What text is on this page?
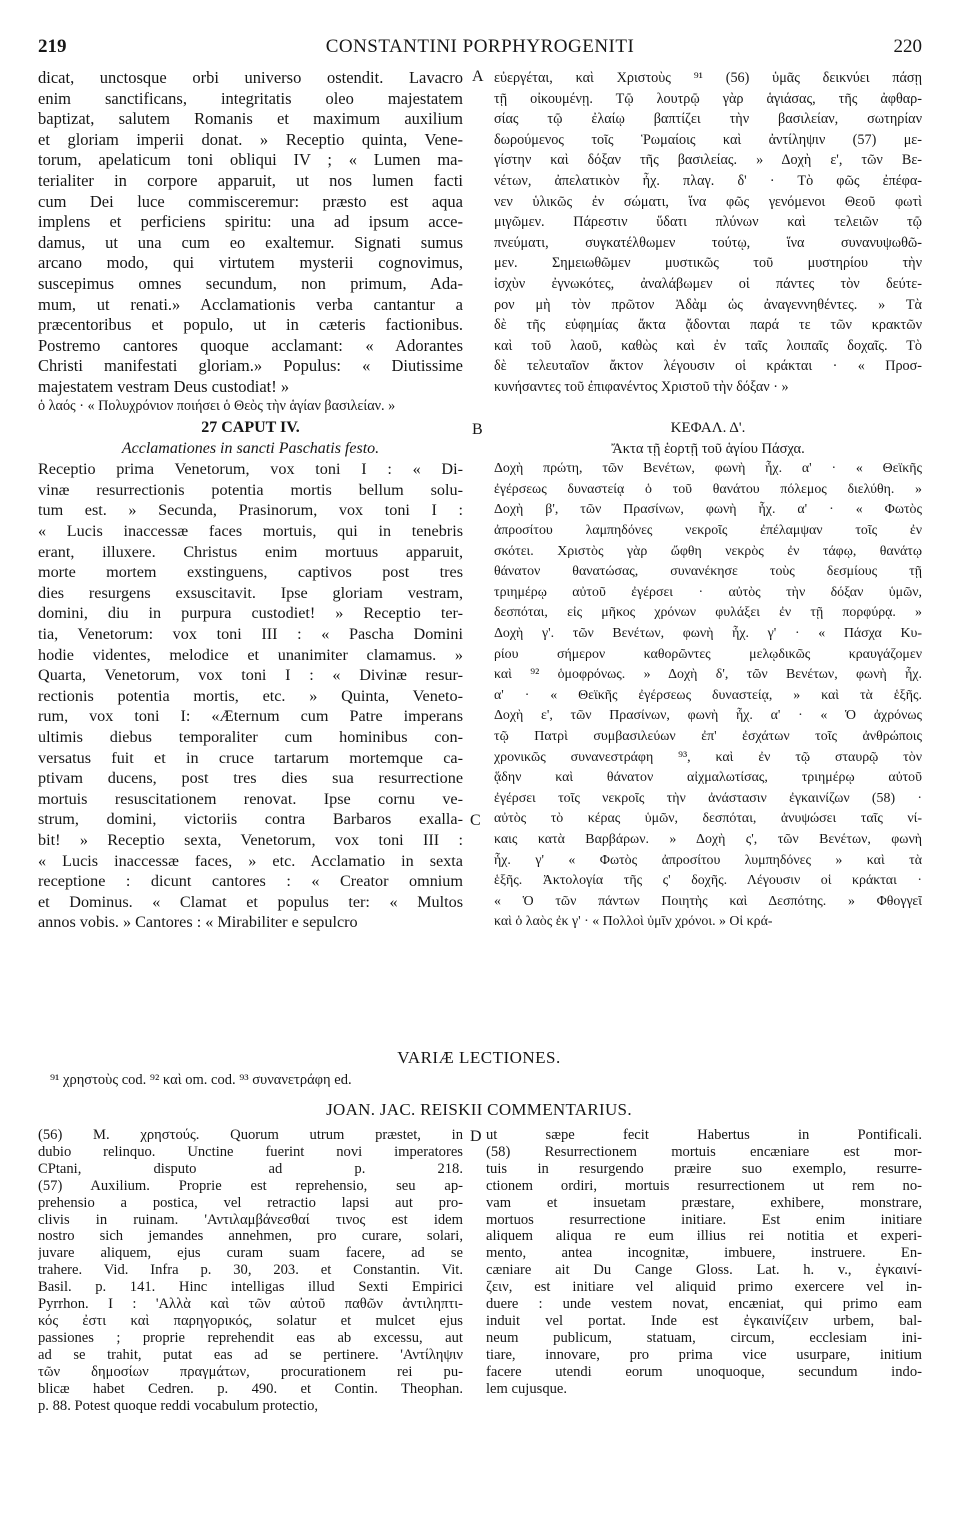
219	CONSTANTINI PORPHYROGENITI	220
dicat, unctosque orbi universo ostendit. Lavacro
enim sanctificans, integritatis oleo majestatem
baptizat, salutem Romanis et maximum auxilium
et gloriam imperii donat. » Receptio quinta, Vene-
torum, apelaticum toni obliqui IV ; « Lumen ma-
terialiter in corpore apparuit, ut nos lumen facti
cum Dei luce commisceremur: præsto est aqua
implens et perficiens spiritu: una ad ipsum acce-
damus, ut una cum eo exaltemur. Signati sumus
arcano modo, qui virtutem mysterii cognovimus,
suscepimus omnes secundum, non primum, Ada-
mum, ut renati.» Acclamationis verba cantantur a
præcentoribus et populo, ut in cæteris factionibus.
Postremo cantores quoque acclamant: « Adorantes
Christi manifestati gloriam.» Populus: « Diutissime
majestatem vestram Deus custodiat! »
27 CAPUT IV.
Acclamationes in sancti Paschatis festo.
Receptio prima Venetorum, vox toni I : « Di-
vinæ resurrectionis potentia mortis bellum solu-
tum est. » Secunda, Prasinorum, vox toni I :
« Lucis inaccessæ faces mortuis, qui in tenebris
erant, illuxere. Christus enim mortuus apparuit,
morte mortem exstinguens, captivos post tres
dies resurgens exsuscitavit. Ipse gloriam vestram,
domini, diu in purpura custodiet! » Receptio ter-
tia, Venetorum: vox toni III : « Pascha Domini
hodie videntes, melodice et unanimiter clamamus. »
Quarta, Venetorum, vox toni I : « Divinæ resur-
rectionis potentia mortis, etc. » Quinta, Veneto-
rum, vox toni I: «Æternum cum Patre imperans
ultimis diebus temporaliter cum hominibus con-
versatus fuit et in cruce tartarum mortemque ca-
ptivam ducens, post tres dies sua resurrectione
mortuis resuscitationem renovat. Ipse cornu ve-
strum, domini, victoriis contra Barbaros exalla-
bit! » Receptio sexta, Venetorum, vox toni III :
« Lucis inaccessæ faces, » etc. Acclamatio in sexta
receptione : dicunt cantores : « Creator omnium
et Dominus. « Clamat et populus ter: « Multos
annos vobis. » Cantores : « Mirabiliter e sepulcro
εὐεργέται, καὶ Χριστοὺς ⁹¹ (56) ὑμᾶς δεικνύει πάσῃ
τῇ οἰκουμένῃ. Τῷ λουτρῷ γὰρ ἁγιάσας, τῆς ἀφθαρ-
σίας τῷ ἐλαίῳ βαπτίζει τὴν βασιλείαν, σωτηρίαν
δωρούμενος τοῖς Ῥωμαίοις καὶ ἀντίληψιν (57) με-
γίστην καὶ δόξαν τῆς βασιλείας. » Δοχὴ ε', τῶν Βε-
νέτων, ἀπελατικὸν ἦχ. πλαγ. δ' · Τὸ φῶς ἐπέφα-
νεν ὑλικῶς ἐν σώματι, ἵνα φῶς γενόμενοι Θεοῦ φωτὶ
μιγῶμεν. Πάρεστιν ὕδατι πλύνων καὶ τελειῶν τῷ
πνεύματι, συγκατέλθωμεν τούτῳ, ἵνα συνανυψωθῶ-
μεν. Σημειωθῶμεν μυστικῶς τοῦ μυστηρίου τὴν
ἰσχὺν ἐγνωκότες, ἀναλάβωμεν οἱ πάντες τὸν δεύτε-
ρον μὴ τὸν πρῶτον Ἀδὰμ ὡς ἀναγεννηθέντες. » Τὰ
δὲ τῆς εὐφημίας ἄκτα ᾄδονται παρά τε τῶν κρακτῶν
καὶ τοῦ λαοῦ, καθὼς καὶ ἐν ταῖς λοιπαῖς δοχαῖς. Τὸ
δὲ τελευταῖον ἄκτον λέγουσιν οἱ κράκται · « Προσ-
κυνήσαντες τοῦ ἐπιφανέντος Χριστοῦ τὴν δόξαν · »
ΚΕΦΑΛ. Δ'.
Ἄκτα τῇ ἑορτῇ τοῦ ἁγίου Πάσχα.
Δοχὴ πρώτη, τῶν Βενέτων, φωνὴ ἦχ. α' · « Θεϊκῆς
ἐγέρσεως δυναστείᾳ ὁ τοῦ θανάτου πόλεμος διελύθη. »
Δοχὴ β', τῶν Πρασίνων, φωνὴ ἦχ. α' · « Φωτὸς
ἀπροσίτου λαμπηδόνες νεκροῖς ἐπέλαμψαν τοῖς ἐν
σκότει. Χριστὸς γὰρ ὤφθη νεκρὸς ἐν τάφῳ, θανάτῳ
θάνατον θανατώσας, συνανέκησε τοὺς δεσμίους τῇ
τριημέρῳ αὐτοῦ ἐγέρσει · αὐτὸς τὴν δόξαν ὑμῶν,
δεσπόται, εἰς μῆκος χρόνων φυλάξει ἐν τῇ πορφύρᾳ. »
Δοχὴ γ'. τῶν Βενέτων, φωνὴ ἦχ. γ' · « Πάσχα Κυ-
ρίου σήμερον καθορῶντες μελῳδικῶς κραυγάζομεν
καὶ ⁹² ὁμοφρόνως. » Δοχὴ δ', τῶν Βενέτων, φωνὴ ἦχ.
α' · « Θεϊκῆς ἐγέρσεως δυναστείᾳ, » καὶ τὰ ἑξῆς.
Δοχὴ ε', τῶν Πρασίνων, φωνὴ ἦχ. α' · « Ὁ ἀχρόνως
τῷ Πατρὶ συμβασιλεύων ἐπ' ἐσχάτων τοῖς ἀνθρώποις
χρονικῶς συνανεστράφη ⁹³, καὶ ἐν τῷ σταυρῷ τὸν
ᾅδην καὶ θάνατον αἰχμαλωτίσας, τριημέρῳ αὐτοῦ
ἐγέρσει τοῖς νεκροῖς τὴν ἀνάστασιν ἐγκαινίζων (58) ·
αὐτὸς τὸ κέρας ὑμῶν, δεσπόται, ἀνυψώσει ταῖς νί-
καις κατὰ Βαρβάρων. » Δοχὴ ς', τῶν Βενέτων, φωνὴ
ἦχ. γ' « Φωτὸς ἀπροσίτου λυμπηδόνες » καὶ τὰ
ἑξῆς. Ἀκτολογία τῆς ς' δοχῆς. Λέγουσιν οἱ κράκται ·
« Ὁ τῶν πάντων Ποιητὴς καὶ Δεσπότης. » Φθογγεῖ
καὶ ὁ λαὸς ἐκ γ' · « Πολλοὶ ὑμῖν χρόνοι. » Οἱ κρά-
ὁ λαός · « Πολυχρόνιον ποιήσει ὁ Θεὸς τὴν ἁγίαν βασιλείαν. »
A
B
C
D
VARIÆ LECTIONES.
⁹¹ χρηστοὺς cod. ⁹² καὶ om. cod. ⁹³ συνανετράφη ed.
JOAN. JAC. REISKII COMMENTARIUS.
(56) M. χρηστούς. Quorum utrum præstet, in
dubio relinquo. Unctine fuerint novi imperatores
CPtani, disputo ad p. 218.
(57) Auxilium. Proprie est reprehensio, seu ap-
prehensio a postica, vel retractio lapsi aut pro-
clivis in ruinam. 'Αντιλαμβάνεσθαί τινος est idem
nostro sich jemandes annehmen, pro curare, solari,
juvare aliquem, ejus curam suam facere, ad se
trahere. Vid. Infra p. 30, 203. et Constantin. Vit.
Basil. p. 141. Hinc intelligas illud Sexti Empirici
Pyrrhon. I : 'Αλλὰ καὶ τῶν αὐτοῦ παθῶν ἀντιληπτι-
κός ἐστι καὶ παρηγορικός, solatur et mulcet ejus
passiones ; proprie reprehendit eas ab excessu, aut
ad se trahit, putat eas ad se pertinere. 'Αντίληψιν
τῶν δημοσίων πραγμάτων, procurationem rei pu-
blicæ habet Cedren. p. 490. et Contin. Theophan.
p. 88. Potest quoque reddi vocabulum protectio,
ut sæpe fecit Habertus in Pontificali.
(58) Resurrectionem mortuis encæniare est mor-
tuis in resurgendo præire suo exemplo, resurre-
ctionem ordiri, mortuis resurrectionem ut rem no-
vam et insuetam præstare, exhibere, monstrare,
mortuos resurrectione initiare. Est enim initiare
aliquem aliqua re eum illius rei notitia et experi-
mento, antea incognitæ, imbuere, instruere. En-
cæniare ait Du Cange Gloss. Lat. h. v., ἐγκαινί-
ζειν, est initiare vel aliquid primo exercere vel in-
duere : unde vestem novat, encæniat, qui primo eam
induit vel portat. Inde est ἐγκαινίζειν urbem, bal-
neum publicum, statuam, circum, ecclesiam ini-
tiare, innovare, pro prima vice usurpare, initium
facere utendi eorum unoquoque, secundum indo-
lem cujusque.
